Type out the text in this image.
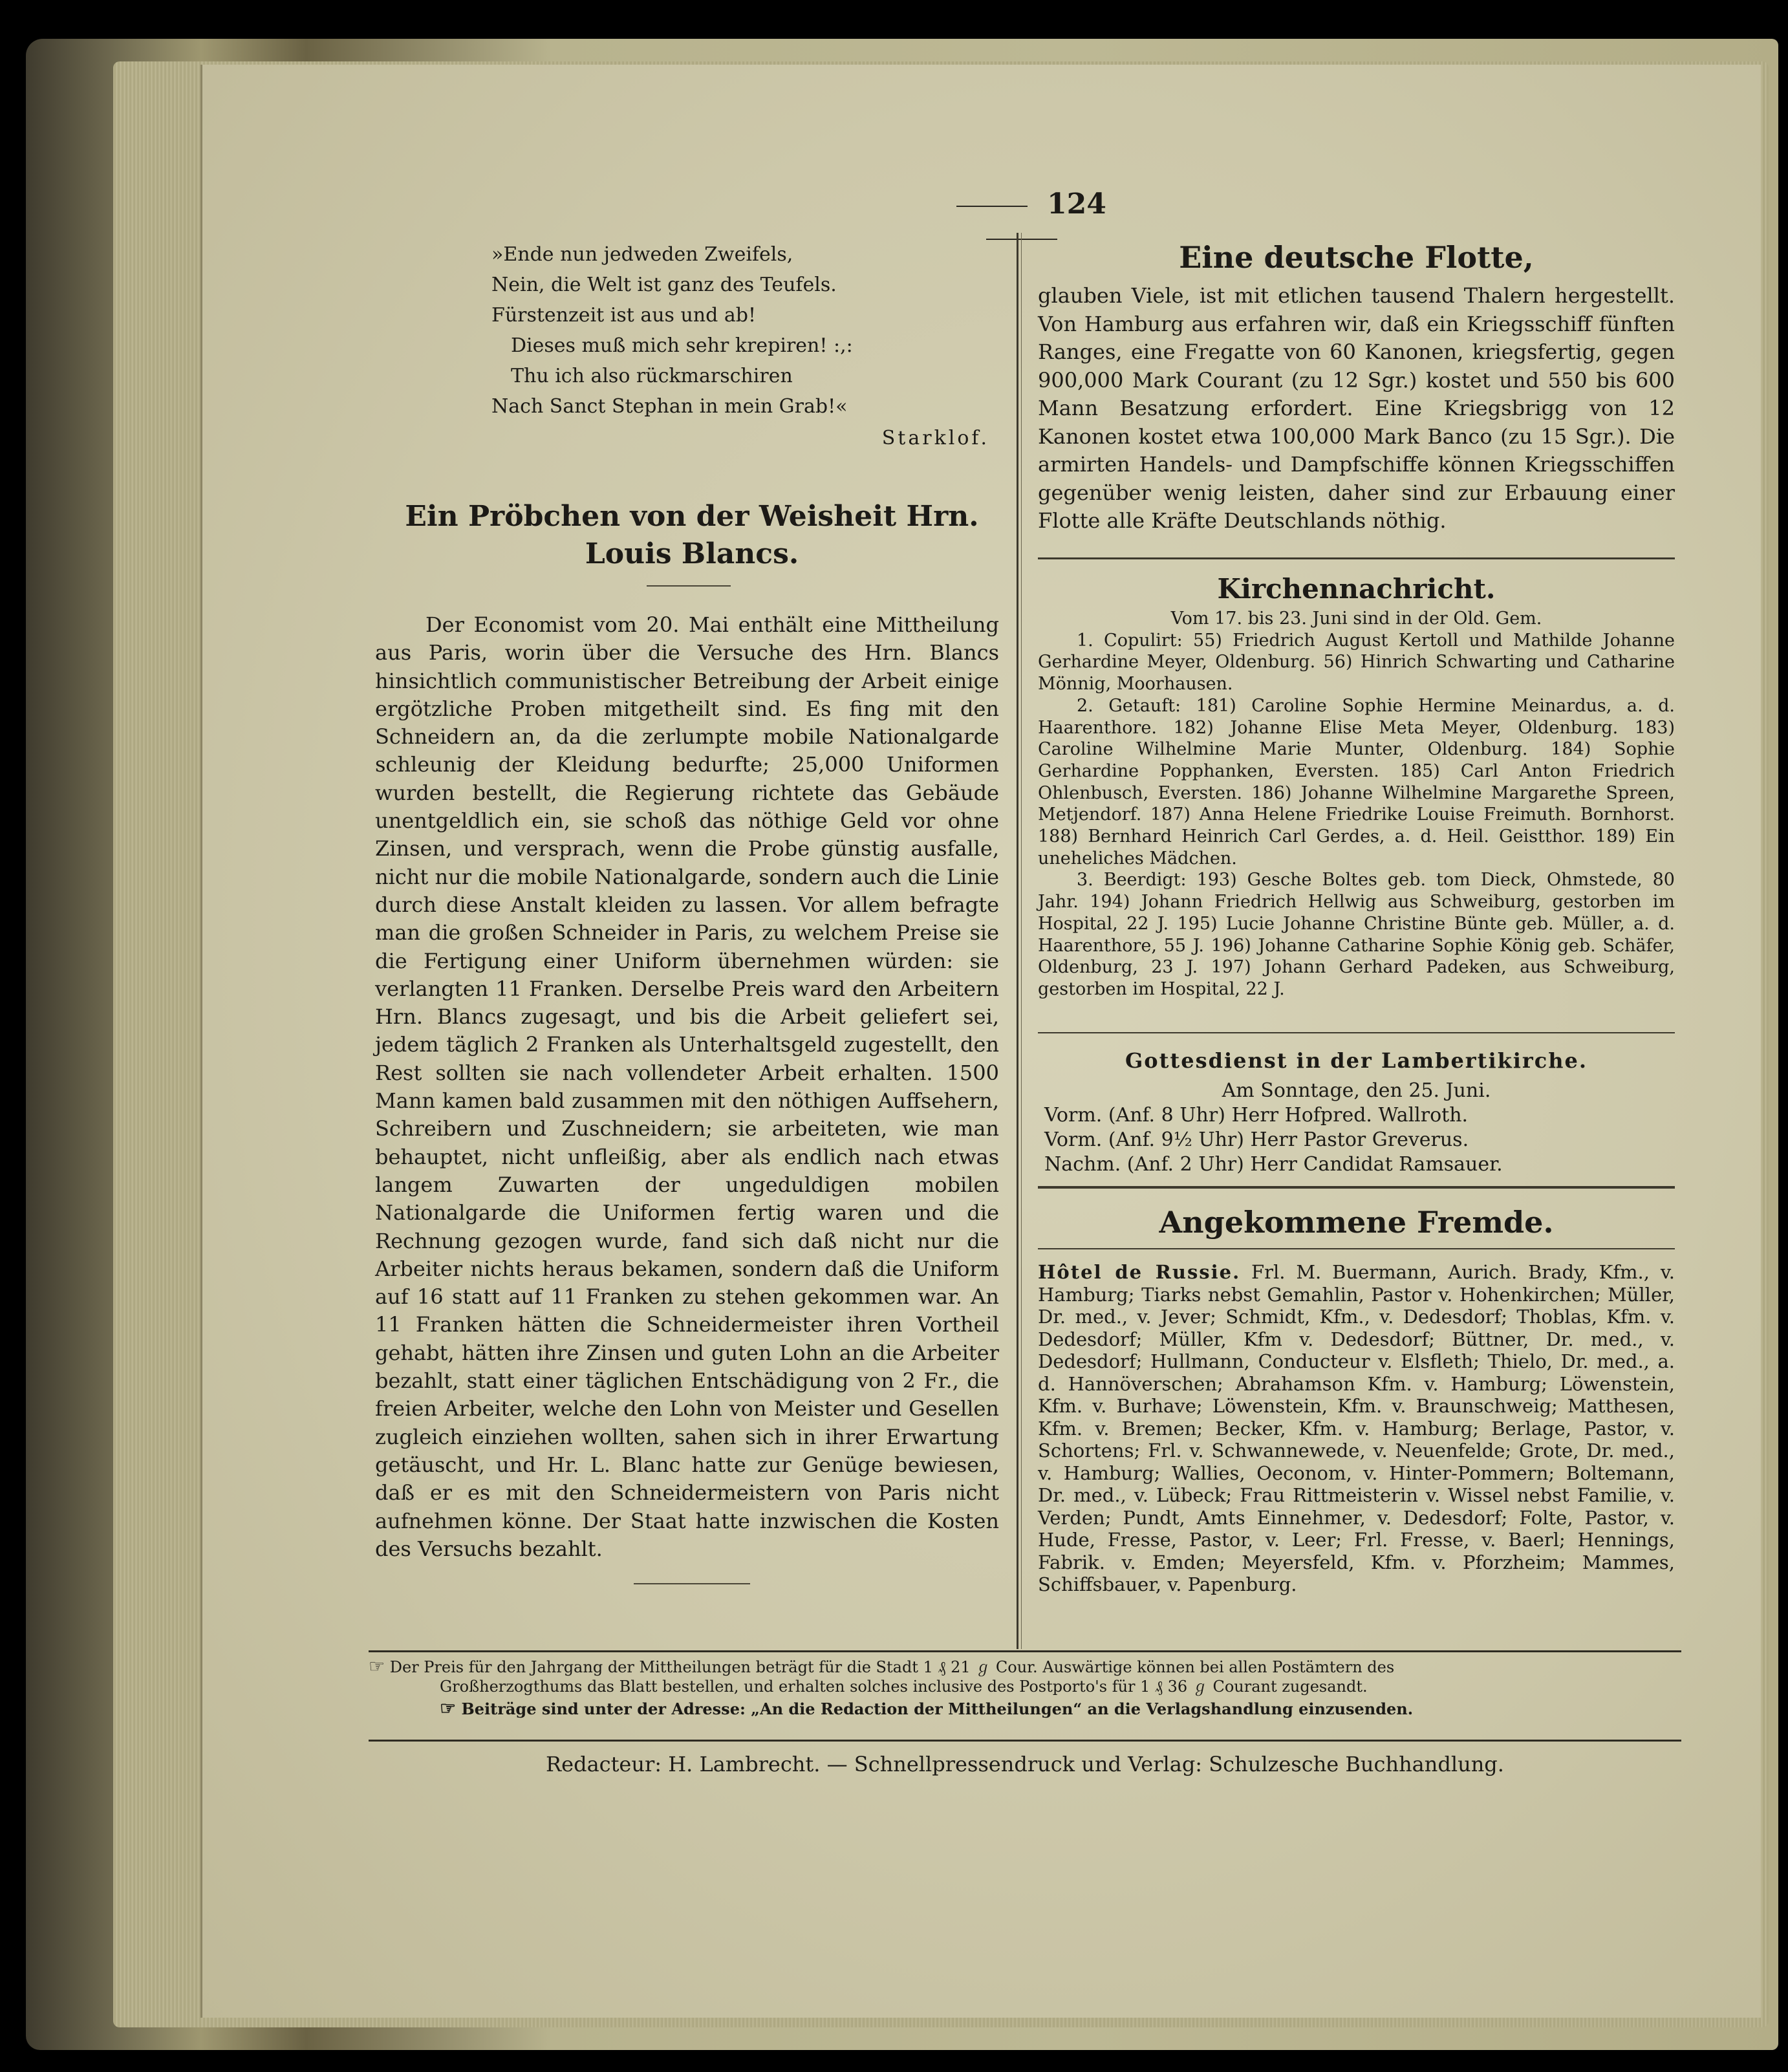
124
»Ende nun jedweden Zweifels,
Nein, die Welt ist ganz des Teufels.
Fürstenzeit ist aus und ab!
Dieses muß mich sehr krepiren! :,:
Thu ich also rückmarschiren
Nach Sanct Stephan in mein Grab!«
Starklof.
Ein Pröbchen von der Weisheit Hrn. Louis Blancs.

Der Economist vom 20. Mai enthält eine Mittheilung aus Paris, worin über die Versuche des Hrn. Blancs hinsichtlich communistischer Betreibung der Arbeit einige ergötzliche Proben mitgetheilt sind. Es fing mit den Schneidern an, da die zerlumpte mobile Nationalgarde schleunig der Kleidung bedurfte; 25,000 Uniformen wurden bestellt, die Regierung richtete das Gebäude unentgeldlich ein, sie schoß das nöthige Geld vor ohne Zinsen, und versprach, wenn die Probe günstig ausfalle, nicht nur die mobile Nationalgarde, sondern auch die Linie durch diese Anstalt kleiden zu lassen. Vor allem befragte man die großen Schneider in Paris, zu welchem Preise sie die Fertigung einer Uniform übernehmen würden: sie verlangten 11 Franken. Derselbe Preis ward den Arbeitern Hrn. Blancs zugesagt, und bis die Arbeit geliefert sei, jedem täglich 2 Franken als Unterhaltsgeld zugestellt, den Rest sollten sie nach vollendeter Arbeit erhalten. 1500 Mann kamen bald zusammen mit den nöthigen Auffsehern, Schreibern und Zuschneidern; sie arbeiteten, wie man behauptet, nicht unfleißig, aber als endlich nach etwas langem Zuwarten der ungeduldigen mobilen Nationalgarde die Uniformen fertig waren und die Rechnung gezogen wurde, fand sich daß nicht nur die Arbeiter nichts heraus bekamen, sondern daß die Uniform auf 16 statt auf 11 Franken zu stehen gekommen war. An 11 Franken hätten die Schneidermeister ihren Vortheil gehabt, hätten ihre Zinsen und guten Lohn an die Arbeiter bezahlt, statt einer täglichen Entschädigung von 2 Fr., die freien Arbeiter, welche den Lohn von Meister und Gesellen zugleich einziehen wollten, sahen sich in ihrer Erwartung getäuscht, und Hr. L. Blanc hatte zur Genüge bewiesen, daß er es mit den Schneidermeistern von Paris nicht aufnehmen könne. Der Staat hatte inzwischen die Kosten des Versuchs bezahlt.

Eine deutsche Flotte,
glauben Viele, ist mit etlichen tausend Thalern hergestellt. Von Hamburg aus erfahren wir, daß ein Kriegsschiff fünften Ranges, eine Fregatte von 60 Kanonen, kriegsfertig, gegen 900,000 Mark Courant (zu 12 Sgr.) kostet und 550 bis 600 Mann Besatzung erfordert. Eine Kriegsbrigg von 12 Kanonen kostet etwa 100,000 Mark Banco (zu 15 Sgr.). Die armirten Handels- und Dampfschiffe können Kriegsschiffen gegenüber wenig leisten, daher sind zur Erbauung einer Flotte alle Kräfte Deutschlands nöthig.
Kirchennachricht.
Vom 17. bis 23. Juni sind in der Old. Gem.
1. Copulirt: 55) Friedrich August Kertoll und Mathilde Johanne Gerhardine Meyer, Oldenburg. 56) Hinrich Schwarting und Catharine Mönnig, Moorhausen.
2. Getauft: 181) Caroline Sophie Hermine Meinardus, a. d. Haarenthore. 182) Johanne Elise Meta Meyer, Oldenburg. 183) Caroline Wilhelmine Marie Munter, Oldenburg. 184) Sophie Gerhardine Popphanken, Eversten. 185) Carl Anton Friedrich Ohlenbusch, Eversten. 186) Johanne Wilhelmine Margarethe Spreen, Metjendorf. 187) Anna Helene Friedrike Louise Freimuth. Bornhorst. 188) Bernhard Heinrich Carl Gerdes, a. d. Heil. Geistthor. 189) Ein uneheliches Mädchen.
3. Beerdigt: 193) Gesche Boltes geb. tom Dieck, Ohmstede, 80 Jahr. 194) Johann Friedrich Hellwig aus Schweiburg, gestorben im Hospital, 22 J. 195) Lucie Johanne Christine Bünte geb. Müller, a. d. Haarenthore, 55 J. 196) Johanne Catharine Sophie König geb. Schäfer, Oldenburg, 23 J. 197) Johann Gerhard Padeken, aus Schweiburg, gestorben im Hospital, 22 J.
Gottesdienst in der Lambertikirche.
Am Sonntage, den 25. Juni.
Vorm. (Anf. 8 Uhr) Herr Hofpred. Wallroth.
Vorm. (Anf. 9½ Uhr) Herr Pastor Greverus.
Nachm. (Anf. 2 Uhr) Herr Candidat Ramsauer.
Angekommene Fremde.
Hôtel de Russie. Frl. M. Buermann, Aurich. Brady, Kfm., v. Hamburg; Tiarks nebst Gemahlin, Pastor v. Hohenkirchen; Müller, Dr. med., v. Jever; Schmidt, Kfm., v. Dedesdorf; Thoblas, Kfm. v. Dedesdorf; Müller, Kfm v. Dedesdorf; Büttner, Dr. med., v. Dedesdorf; Hullmann, Conducteur v. Elsfleth; Thielo, Dr. med., a. d. Hannöverschen; Abrahamson Kfm. v. Hamburg; Löwenstein, Kfm. v. Burhave; Löwenstein, Kfm. v. Braunschweig; Matthesen, Kfm. v. Bremen; Becker, Kfm. v. Hamburg; Berlage, Pastor, v. Schortens; Frl. v. Schwannewede, v. Neuenfelde; Grote, Dr. med., v. Hamburg; Wallies, Oeconom, v. Hinter-Pommern; Boltemann, Dr. med., v. Lübeck; Frau Rittmeisterin v. Wissel nebst Familie, v. Verden; Pundt, Amts Einnehmer, v. Dedesdorf; Folte, Pastor, v. Hude, Fresse, Pastor, v. Leer; Frl. Fresse, v. Baerl; Hennings, Fabrik. v. Emden; Meyersfeld, Kfm. v. Pforzheim; Mammes, Schiffsbauer, v. Papenburg.
☞ Der Preis für den Jahrgang der Mittheilungen beträgt für die Stadt 1 ₰ 21 ℊ Cour. Auswärtige können bei allen Postämtern des
Großherzogthums das Blatt bestellen, und erhalten solches inclusive des Postporto's für 1 ₰ 36 ℊ Courant zugesandt.
☞ Beiträge sind unter der Adresse: „An die Redaction der Mittheilungen“ an die Verlagshandlung einzusenden.
Redacteur: H. Lambrecht. — Schnellpressendruck und Verlag: Schulzesche Buchhandlung.
